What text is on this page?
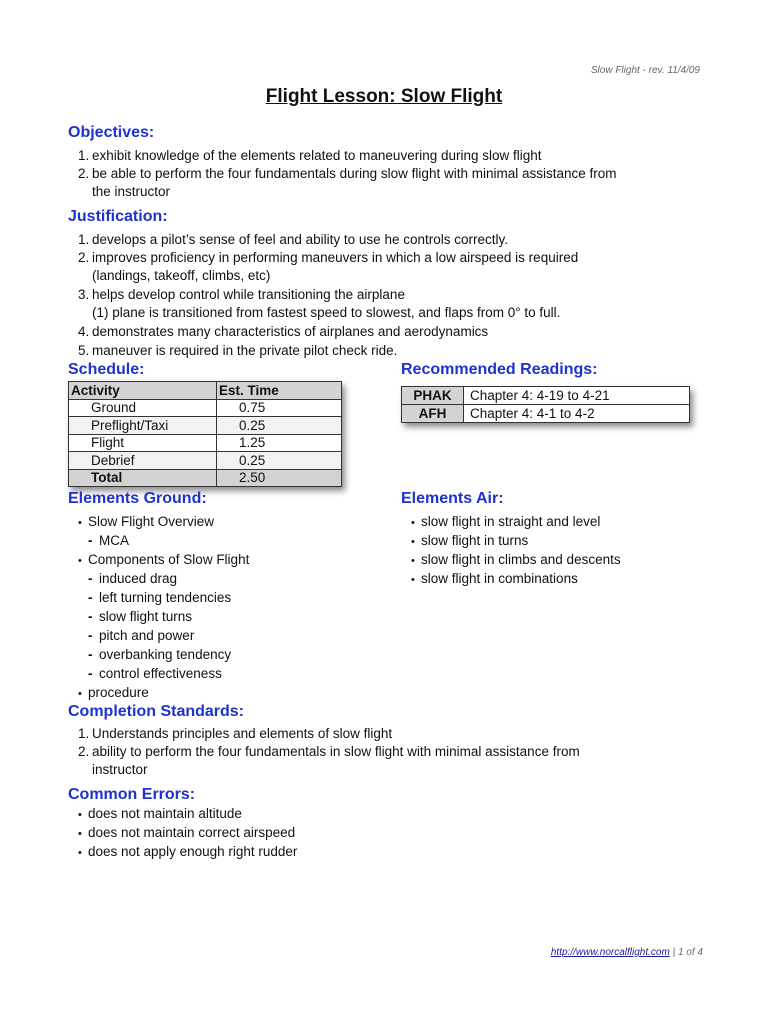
Slow Flight - rev. 11/4/09
Flight Lesson: Slow Flight
Objectives:
1. exhibit knowledge of the elements related to maneuvering during slow flight
2. be able to perform the four fundamentals during slow flight with minimal assistance from
the instructor
Justification:
1. develops a pilot’s sense of feel and ability to use he controls correctly.
2. improves proficiency in performing maneuvers in which a low airspeed is required
(landings, takeoff, climbs, etc)
3. helps develop control while transitioning the airplane
(1) plane is transitioned from fastest speed to slowest, and flaps from 0° to full.
4. demonstrates many characteristics of airplanes and aerodynamics
5. maneuver is required in the private pilot check ride.
Schedule:
Activity	Est. Time
Ground	0.75
Preflight/Taxi	0.25
Flight	1.25
Debrief	0.25
Total	2.50
Recommended Readings:
PHAK	Chapter 4: 4-19 to 4-21
AFH	Chapter 4: 4-1 to 4-2
Elements Ground:
• Slow Flight Overview
- MCA
• Components of Slow Flight
- induced drag
- left turning tendencies
- slow flight turns
- pitch and power
- overbanking tendency
- control effectiveness
• procedure
Elements Air:
• slow flight in straight and level
• slow flight in turns
• slow flight in climbs and descents
• slow flight in combinations
Completion Standards:
1. Understands principles and elements of slow flight
2. ability to perform the four fundamentals in slow flight with minimal assistance from
instructor
Common Errors:
• does not maintain altitude
• does not maintain correct airspeed
• does not apply enough right rudder
http://www.norcalflight.com | 1 of 4
